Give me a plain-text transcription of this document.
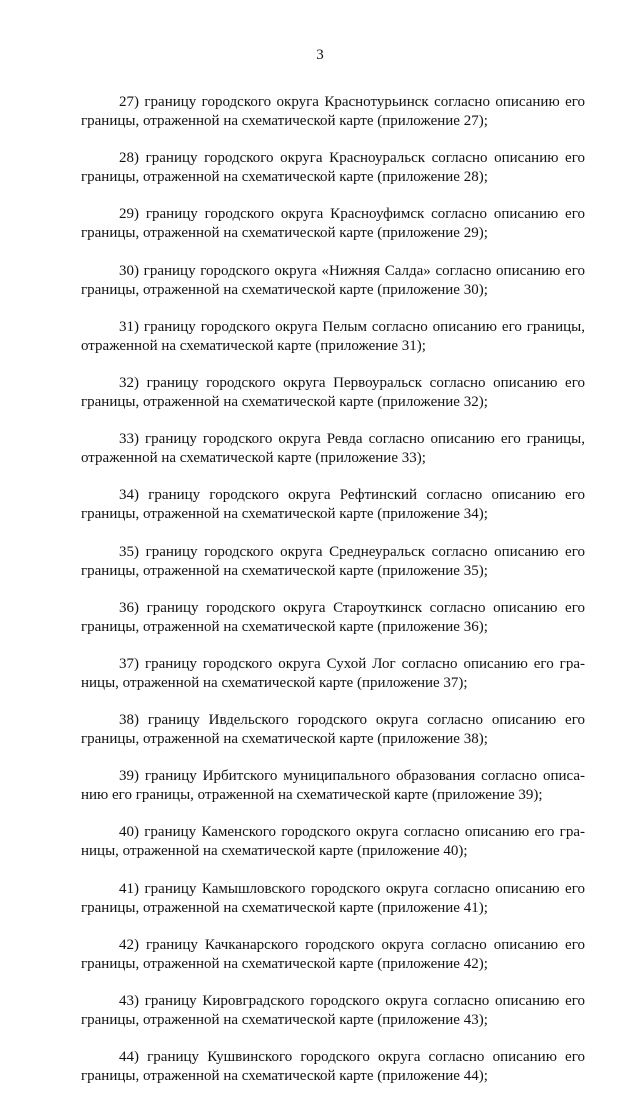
3

27) границу городского округа Краснотурьинск согласно описанию его границы, отраженной на схематической карте (приложение 27);

28) границу городского округа Красноуральск согласно описанию его границы, отраженной на схематической карте (приложение 28);

29) границу городского округа Красноуфимск согласно описанию его границы, отраженной на схематической карте (приложение 29);

30) границу городского округа «Нижняя Салда» согласно описанию его границы, отраженной на схематической карте (приложение 30);

31) границу городского округа Пелым согласно описанию его границы, отраженной на схематической карте (приложение 31);

32) границу городского округа Первоуральск согласно описанию его границы, отраженной на схематической карте (приложение 32);

33) границу городского округа Ревда согласно описанию его границы, отраженной на схематической карте (приложение 33);

34) границу городского округа Рефтинский согласно описанию его границы, отраженной на схематической карте (приложение 34);

35) границу городского округа Среднеуральск согласно описанию его границы, отраженной на схематической карте (приложение 35);

36) границу городского округа Староуткинск согласно описанию его границы, отраженной на схематической карте (приложение 36);

37) границу городского округа Сухой Лог согласно описанию его границы, отраженной на схематической карте (приложение 37);

38) границу Ивдельского городского округа согласно описанию его границы, отраженной на схематической карте (приложение 38);

39) границу Ирбитского муниципального образования согласно описанию его границы, отраженной на схематической карте (приложение 39);

40) границу Каменского городского округа согласно описанию его границы, отраженной на схематической карте (приложение 40);

41) границу Камышловского городского округа согласно описанию его границы, отраженной на схематической карте (приложение 41);

42) границу Качканарского городского округа согласно описанию его границы, отраженной на схематической карте (приложение 42);

43) границу Кировградского городского округа согласно описанию его границы, отраженной на схематической карте (приложение 43);

44) границу Кушвинского городского округа согласно описанию его границы, отраженной на схематической карте (приложение 44);
